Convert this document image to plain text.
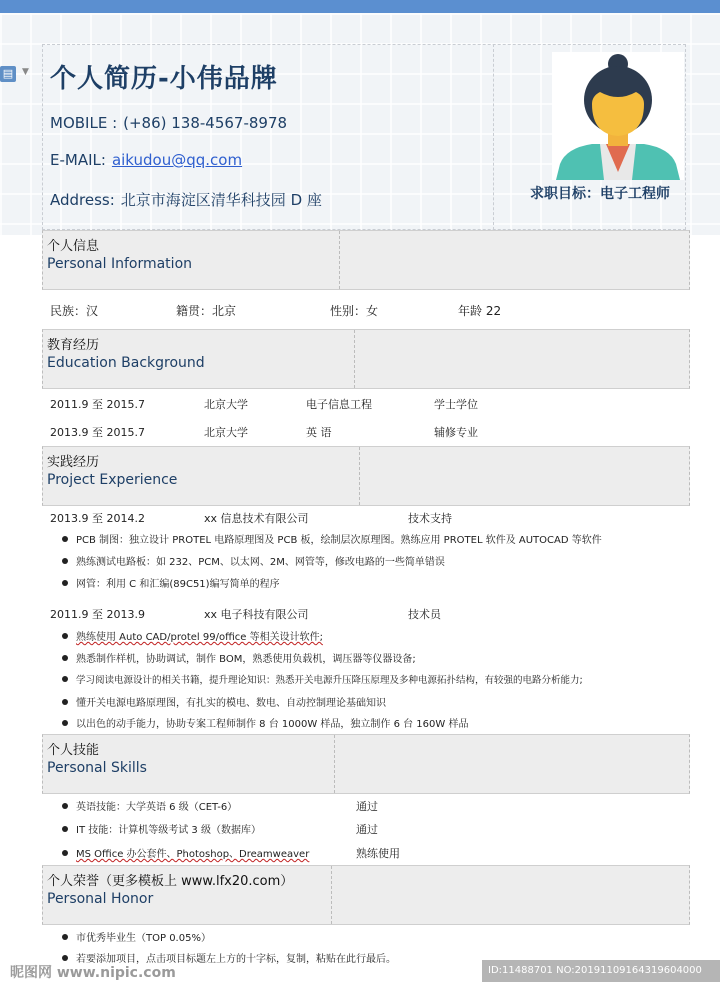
▤ ▼ 个人简历-小伟品牌
MOBILE : (+86) 138-4567-8978
E-MAIL: aikudou@qq.com
Address: 北京市海淀区清华科技园 D 座	求职目标：电子工程师
个人信息
Personal Information
民族：汉	籍贯：北京	性别：女	年龄 22
教育经历
Education Background
2011.9 至 2015.7	北京大学	电子信息工程	学士学位
2013.9 至 2015.7	北京大学	英 语	辅修专业
实践经历
Project Experience
2013.9 至 2014.2	xx 信息技术有限公司	技术支持
PCB 制图：独立设计 PROTEL 电路原理图及 PCB 板，绘制层次原理图。熟练应用 PROTEL 软件及 AUTOCAD 等软件
熟练测试电路板：如 232、PCM、以太网、2M、网管等，修改电路的一些简单错误
网管：利用 C 和汇编(89C51)编写简单的程序
2011.9 至 2013.9	xx 电子科技有限公司	技术员
熟练使用 Auto CAD/protel 99/office 等相关设计软件;
熟悉制作样机，协助调试，制作 BOM，熟悉使用负载机，调压器等仪器设备;
学习阅读电源设计的相关书籍，提升理论知识：熟悉开关电源升压降压原理及多种电源拓扑结构，有较强的电路分析能力;
懂开关电源电路原理图，有扎实的模电、数电、自动控制理论基础知识
以出色的动手能力，协助专案工程师制作 8 台 1000W 样品，独立制作 6 台 160W 样品
个人技能
Personal Skills
英语技能：大学英语 6 级（CET-6）	通过
IT 技能：计算机等级考试 3 级（数据库）	通过
MS Office 办公套件、Photoshop、Dreamweaver	熟练使用
个人荣誉（更多模板上 www.lfx20.com）
Personal Honor
市优秀毕业生（TOP 0.05%）
若要添加项目，点击项目标题左上方的十字标，复制，粘贴在此行最后。
昵图网 www.nipic.com	ID:11488701 NO:20191109164319604000
